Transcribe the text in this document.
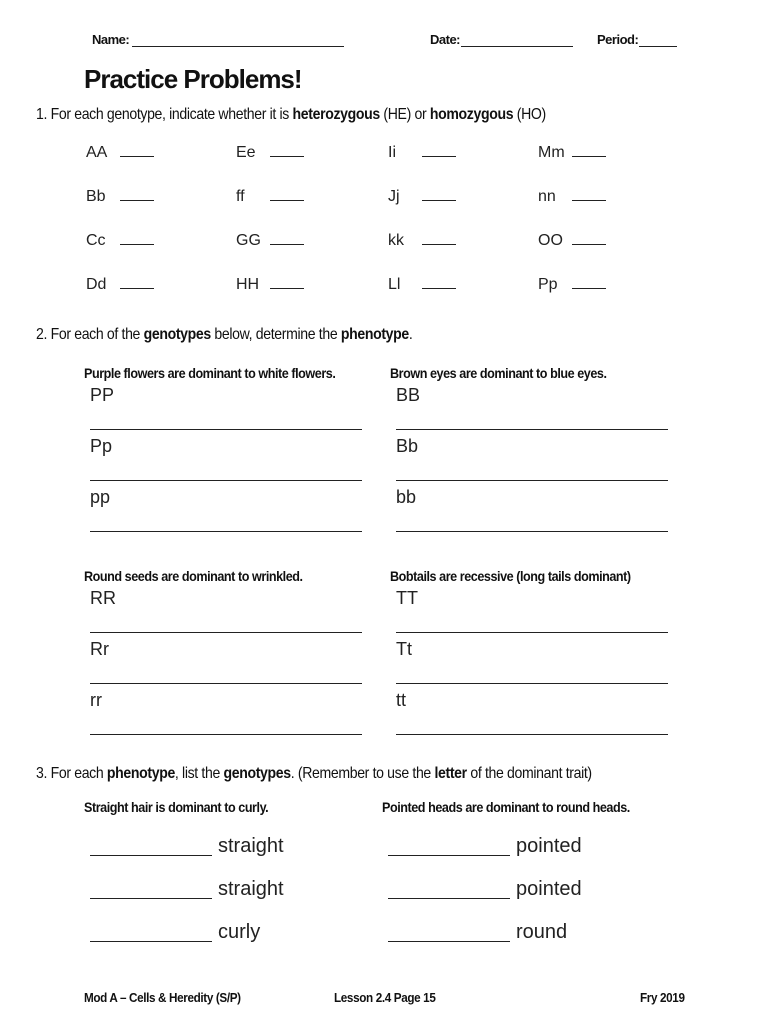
Name:	Date:	Period:
Practice Problems!
1. For each genotype, indicate whether it is heterozygous (HE) or homozygous (HO)
AA	Ee	Ii	Mm
Bb	ff	Jj	nn
Cc	GG	kk	OO
Dd	HH	Ll	Pp
2. For each of the genotypes below, determine the phenotype.
Purple flowers are dominant to white flowers.
PP
Pp
pp
Brown eyes are dominant to blue eyes.
BB
Bb
bb
Round seeds are dominant to wrinkled.
RR
Rr
rr
Bobtails are recessive (long tails dominant)
TT
Tt
tt
3. For each phenotype, list the genotypes. (Remember to use the letter of the dominant trait)
Straight hair is dominant to curly.
straight
straight
curly
Pointed heads are dominant to round heads.
pointed
pointed
round
Mod A – Cells & Heredity (S/P)	Lesson 2.4 Page 15	Fry 2019
